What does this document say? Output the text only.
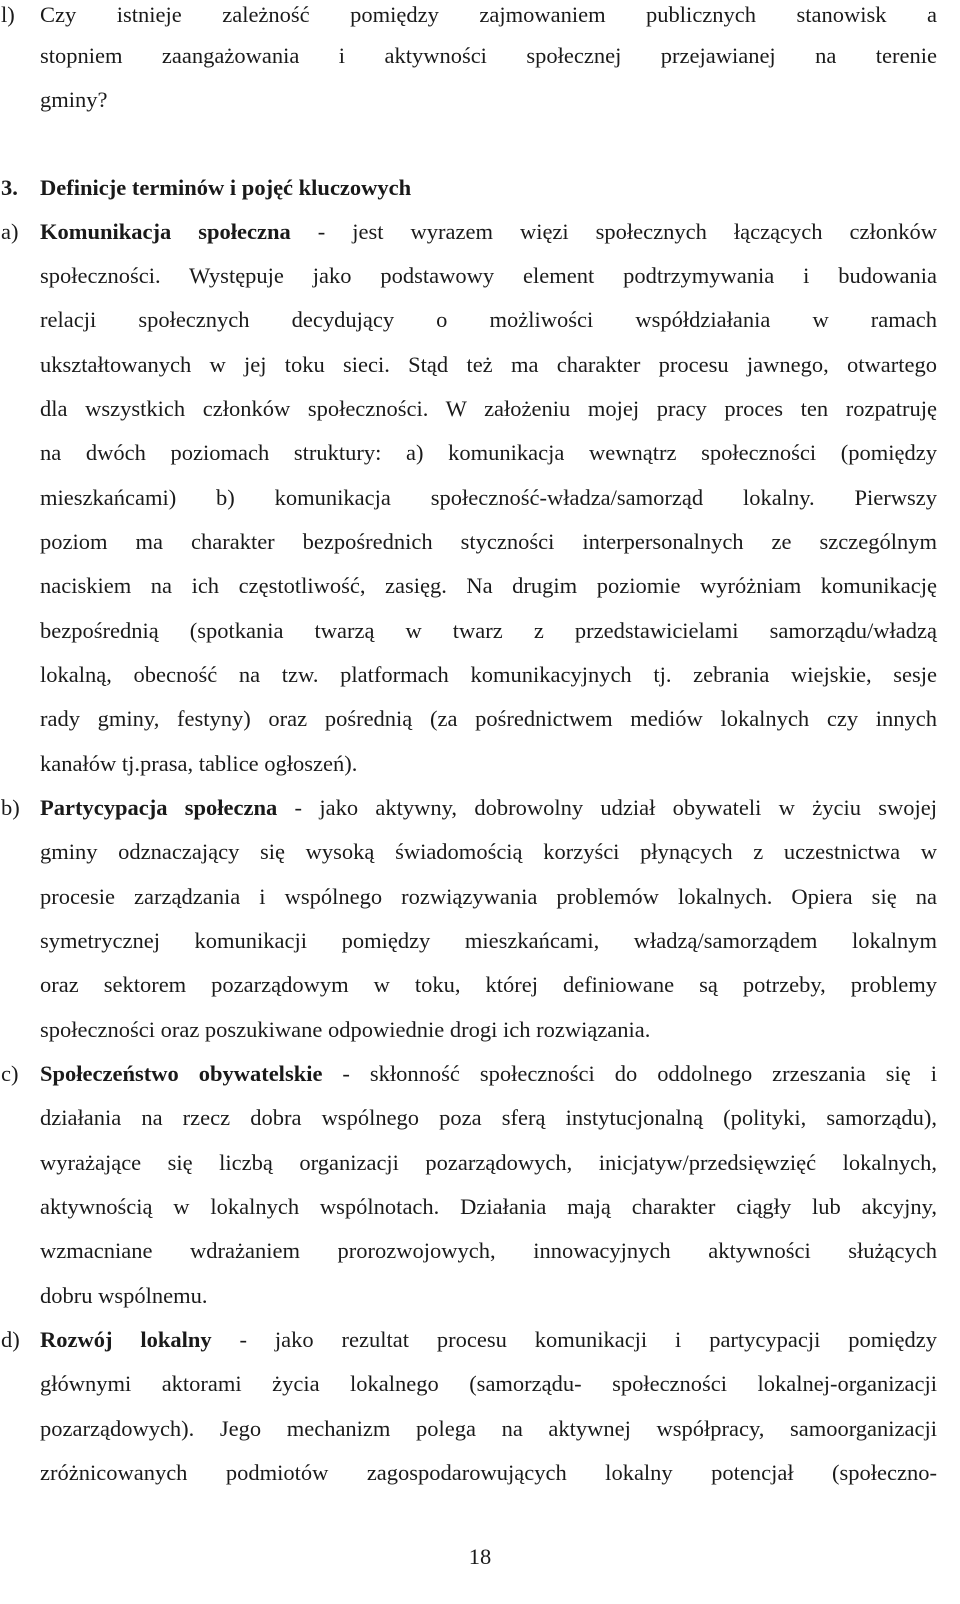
l) Czy istnieje zależność pomiędzy zajmowaniem publicznych stanowisk a
stopniem zaangażowania i aktywności społecznej przejawianej na terenie
gminy?
3. Definicje terminów i pojęć kluczowych
a) Komunikacja społeczna - jest wyrazem więzi społecznych łączących członków
społeczności. Występuje jako podstawowy element podtrzymywania i budowania
relacji społecznych decydujący o możliwości współdziałania w ramach
ukształtowanych w jej toku sieci. Stąd też ma charakter procesu jawnego, otwartego
dla wszystkich członków społeczności. W założeniu mojej pracy proces ten rozpatruję
na dwóch poziomach struktury: a) komunikacja wewnątrz społeczności (pomiędzy
mieszkańcami) b) komunikacja społeczność-władza/samorząd lokalny. Pierwszy
poziom ma charakter bezpośrednich styczności interpersonalnych ze szczególnym
naciskiem na ich częstotliwość, zasięg. Na drugim poziomie wyróżniam komunikację
bezpośrednią (spotkania twarzą w twarz z przedstawicielami samorządu/władzą
lokalną, obecność na tzw. platformach komunikacyjnych tj. zebrania wiejskie, sesje
rady gminy, festyny) oraz pośrednią (za pośrednictwem mediów lokalnych czy innych
kanałów tj.prasa, tablice ogłoszeń).
b) Partycypacja społeczna - jako aktywny, dobrowolny udział obywateli w życiu swojej
gminy odznaczający się wysoką świadomością korzyści płynących z uczestnictwa w
procesie zarządzania i wspólnego rozwiązywania problemów lokalnych. Opiera się na
symetrycznej komunikacji pomiędzy mieszkańcami, władzą/samorządem lokalnym
oraz sektorem pozarządowym w toku, której definiowane są potrzeby, problemy
społeczności oraz poszukiwane odpowiednie drogi ich rozwiązania.
c) Społeczeństwo obywatelskie - skłonność społeczności do oddolnego zrzeszania się i
działania na rzecz dobra wspólnego poza sferą instytucjonalną (polityki, samorządu),
wyrażające się liczbą organizacji pozarządowych, inicjatyw/przedsięwzięć lokalnych,
aktywnością w lokalnych wspólnotach. Działania mają charakter ciągły lub akcyjny,
wzmacniane wdrażaniem prorozwojowych, innowacyjnych aktywności służących
dobru wspólnemu.
d) Rozwój lokalny - jako rezultat procesu komunikacji i partycypacji pomiędzy
głównymi aktorami życia lokalnego (samorządu- społeczności lokalnej-organizacji
pozarządowych). Jego mechanizm polega na aktywnej współpracy, samoorganizacji
zróżnicowanych podmiotów zagospodarowujących lokalny potencjał (społeczno-
18
